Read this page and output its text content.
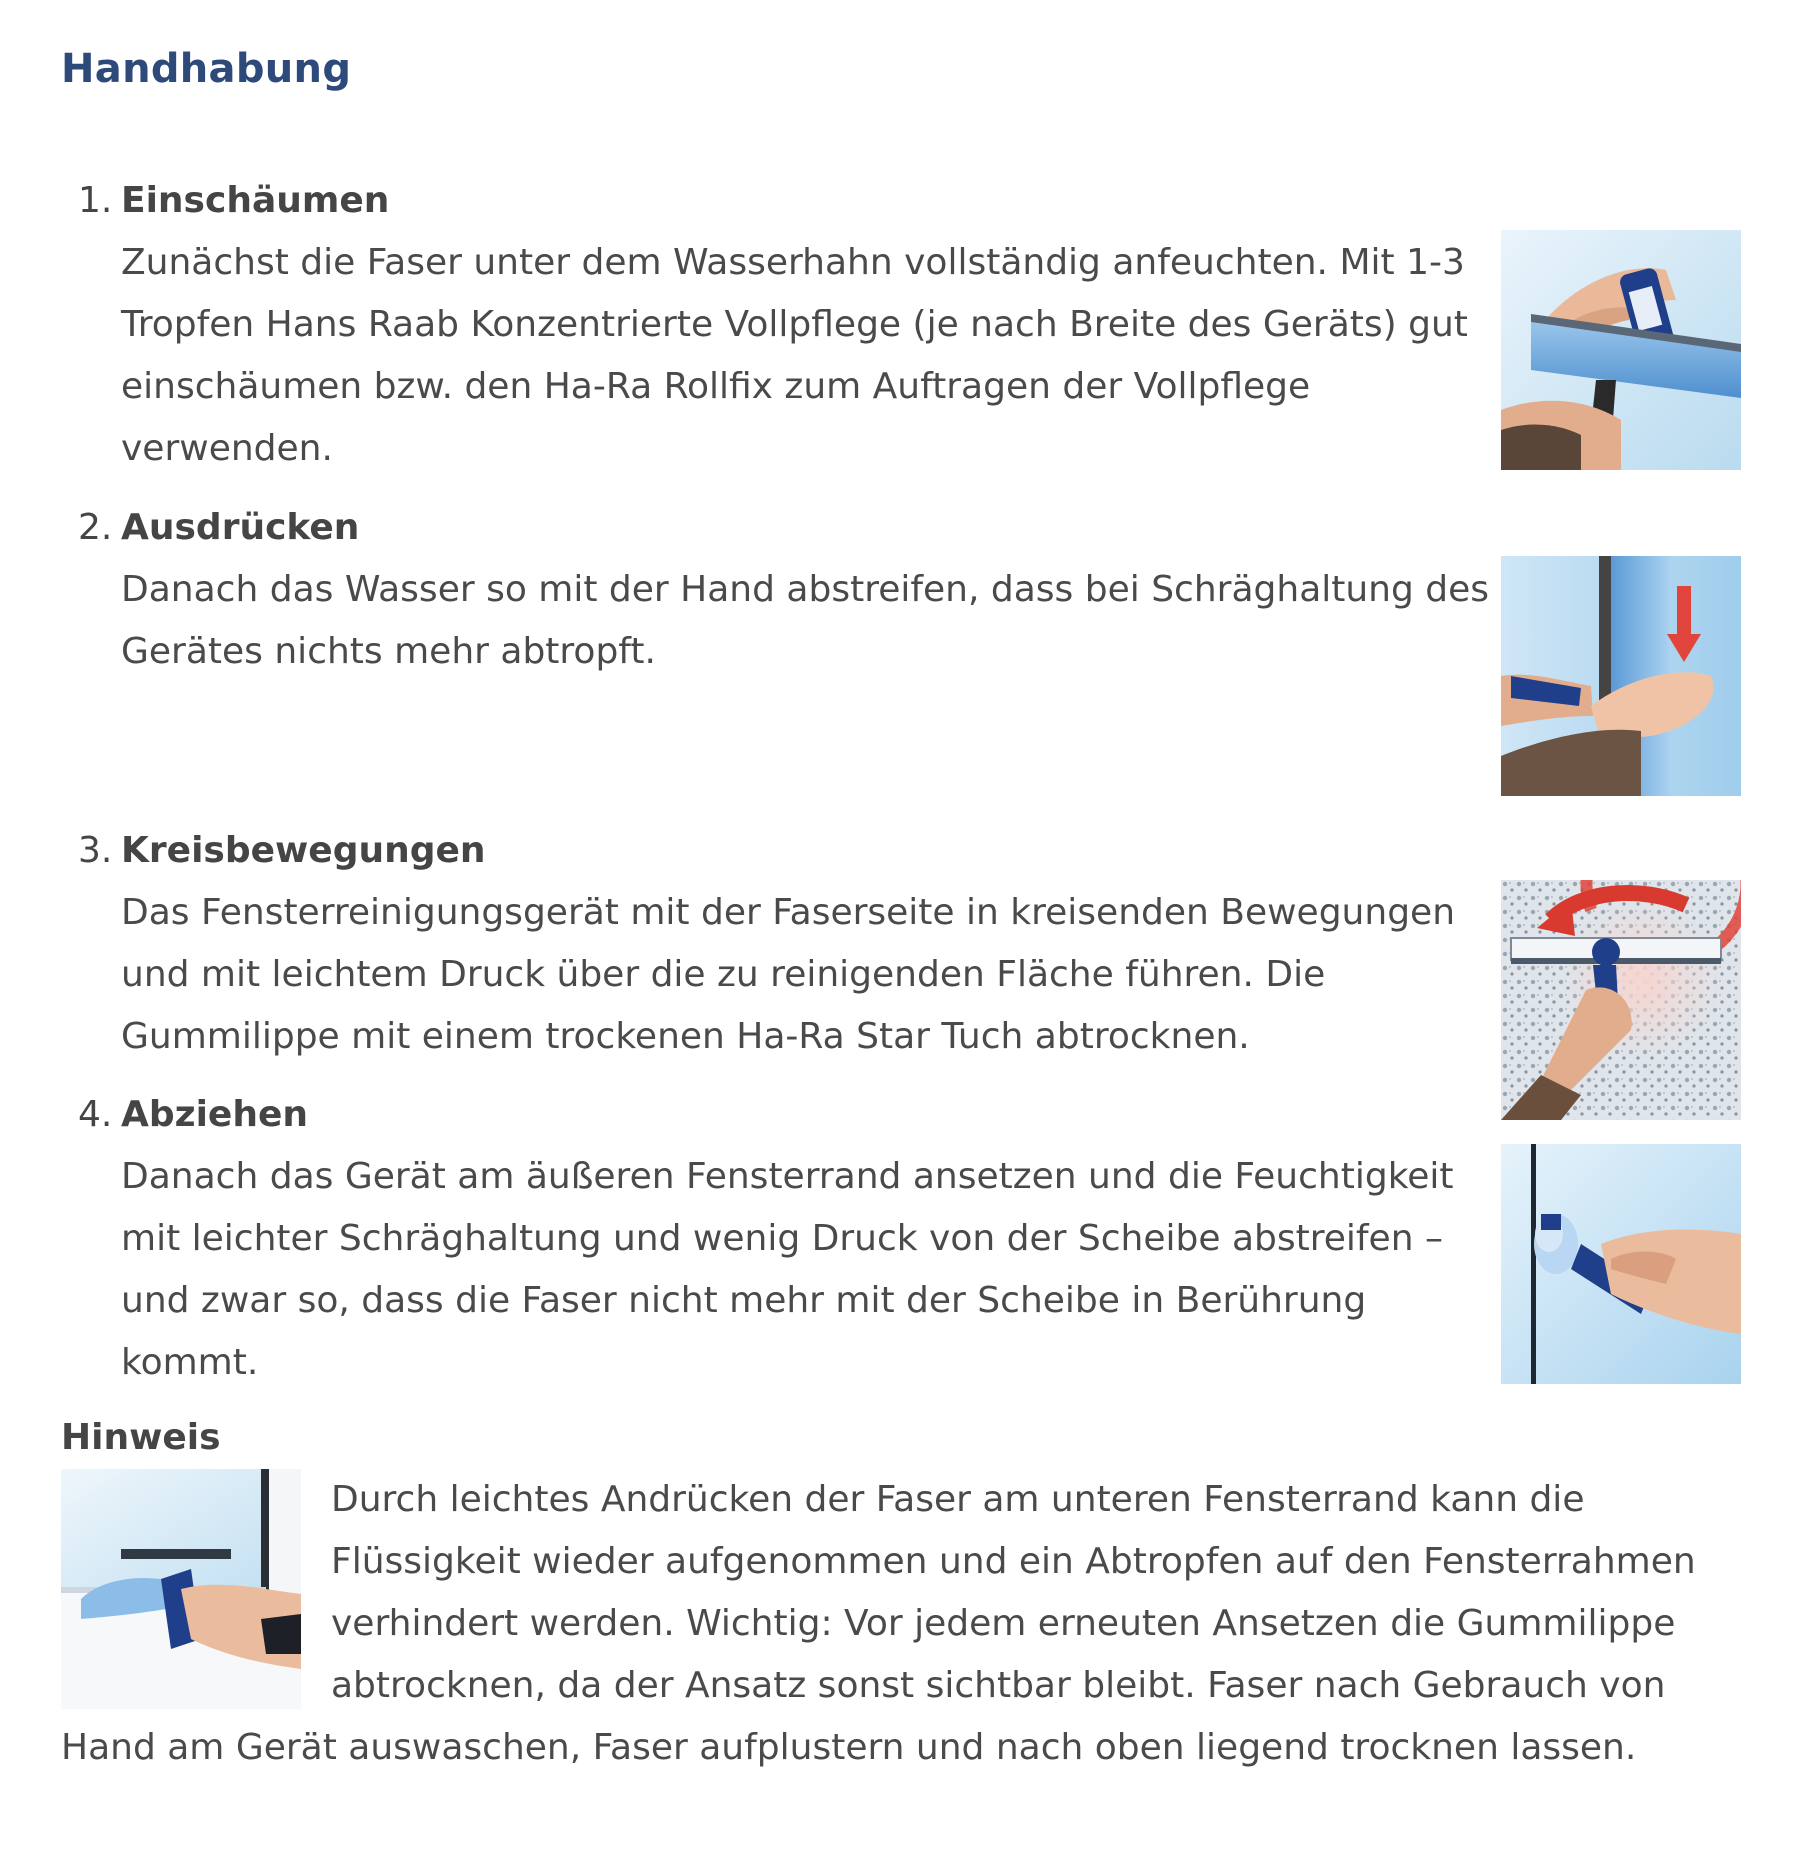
Handhabung
1. Einschäumen
Zunächst die Faser unter dem Wasserhahn vollständig anfeuchten. Mit 1-3 Tropfen Hans Raab Konzentrierte Vollpflege (je nach Breite des Geräts) gut einschäumen bzw. den Ha-Ra Rollfix zum Auftragen der Vollpflege verwenden.
2. Ausdrücken
Danach das Wasser so mit der Hand abstreifen, dass bei Schräghaltung des Gerätes nichts mehr abtropft.
3. Kreisbewegungen
Das Fensterreinigungsgerät mit der Faserseite in kreisenden Bewegungen und mit leichtem Druck über die zu reinigenden Fläche führen. Die Gummilippe mit einem trockenen Ha-Ra Star Tuch abtrocknen.
4. Abziehen
Danach das Gerät am äußeren Fensterrand ansetzen und die Feuchtigkeit mit leichter Schräghaltung und wenig Druck von der Scheibe abstreifen – und zwar so, dass die Faser nicht mehr mit der Scheibe in Berührung kommt.
Hinweis

Durch leichtes Andrücken der Faser am unteren Fensterrand kann die Flüssigkeit wieder aufgenommen und ein Abtropfen auf den Fensterrahmen verhindert werden. Wichtig: Vor jedem erneuten Ansetzen die Gummilippe abtrocknen, da der Ansatz sonst sichtbar bleibt. Faser nach Gebrauch von Hand am Gerät auswaschen, Faser aufplustern und nach oben liegend trocknen lassen.
